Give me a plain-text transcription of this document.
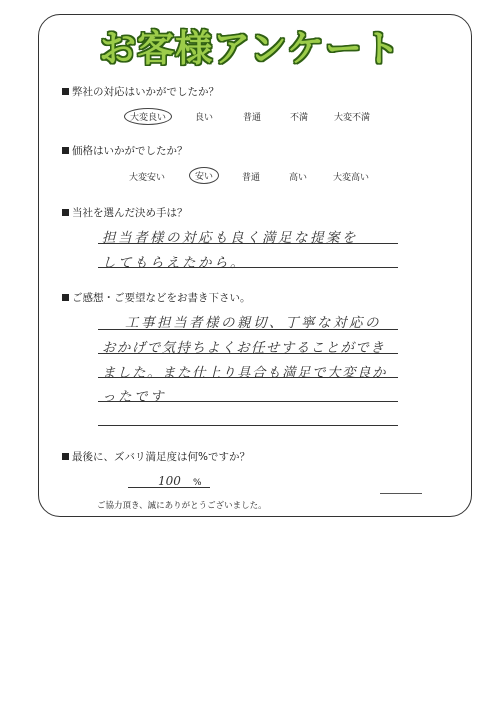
お客様アンケート
弊社の対応はいかがでしたか？
大変良い	良い	普通	不満	大変不満
価格はいかがでしたか？
大変安い	安い	普通	高い	大変高い
当社を選んだ決め手は？
担当者様の対応も良く満足な提案を
してもらえたから。
ご感想・ご要望などをお書き下さい。
工事担当者様の親切、丁寧な対応の
おかげで気持ちよくお任せすることができ
ました。また仕上り具合も満足で大変良か
ったです
最後に、ズバリ満足度は何%ですか？
100 %
ご協力頂き、誠にありがとうございました。
